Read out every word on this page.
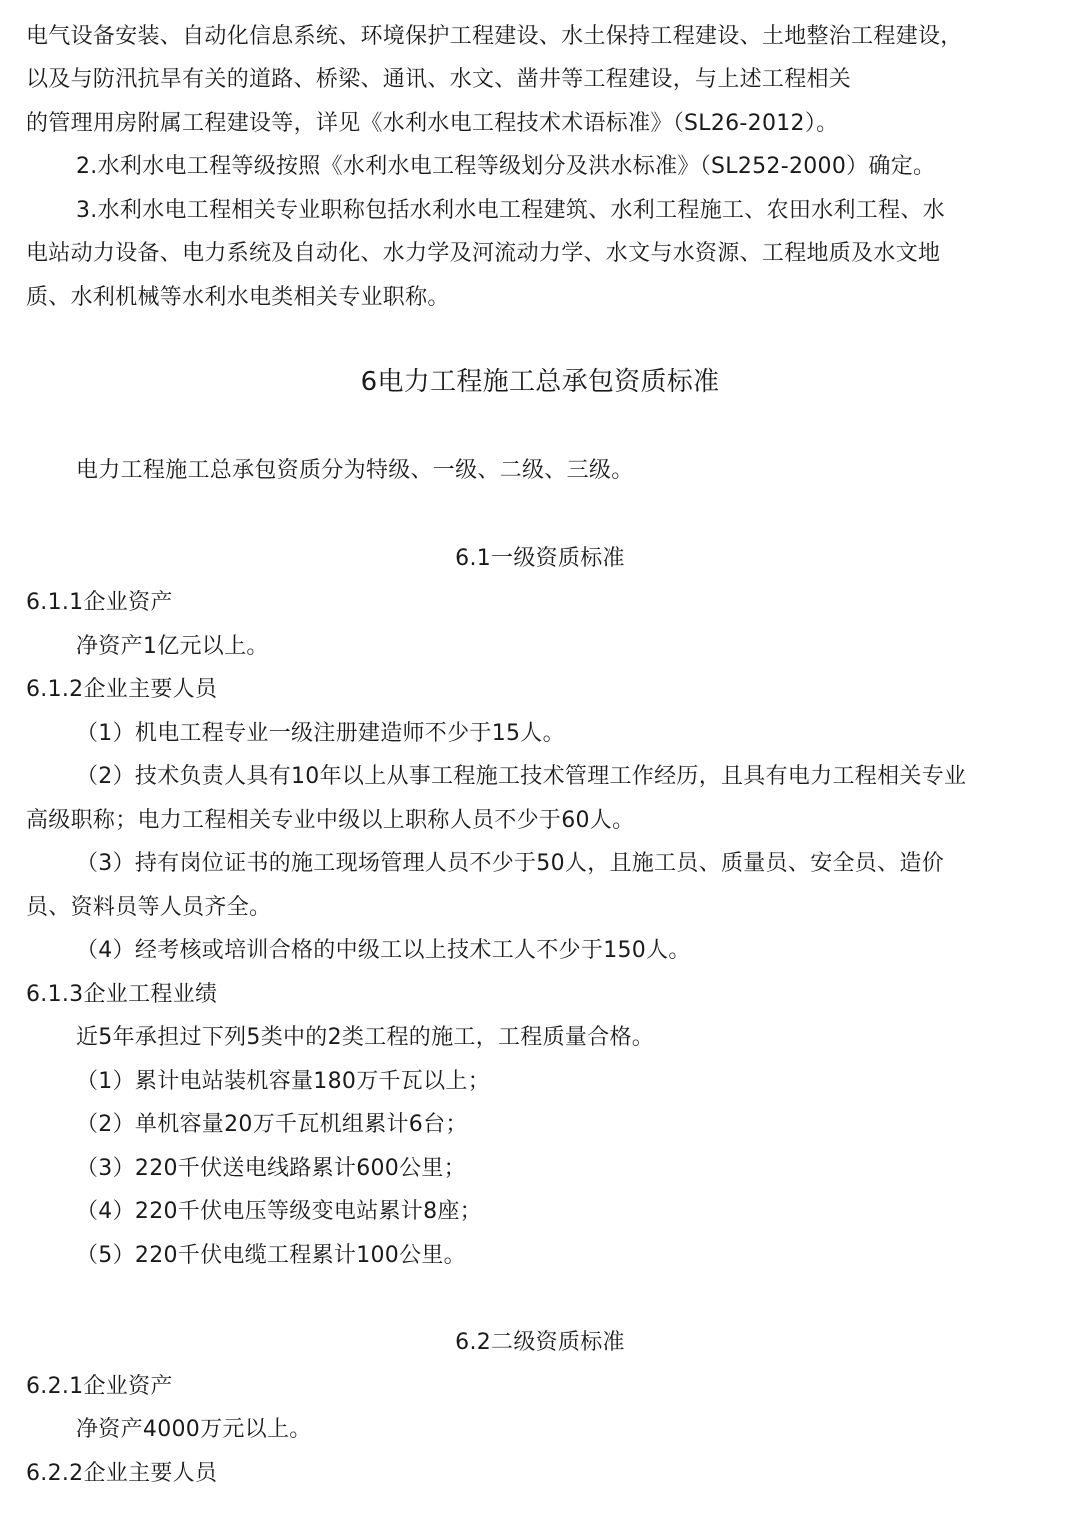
电气设备安装、自动化信息系统、环境保护工程建设、水土保持工程建设、土地整治工程建设，
以及与防汛抗旱有关的道路、桥梁、通讯、水文、凿井等工程建设，与上述工程相关
的管理用房附属工程建设等，详见《水利水电工程技术术语标准》（SL26-2012）。
2.水利水电工程等级按照《水利水电工程等级划分及洪水标准》（SL252-2000）确定。
3.水利水电工程相关专业职称包括水利水电工程建筑、水利工程施工、农田水利工程、水
电站动力设备、电力系统及自动化、水力学及河流动力学、水文与水资源、工程地质及水文地
质、水利机械等水利水电类相关专业职称。
6电力工程施工总承包资质标准
电力工程施工总承包资质分为特级、一级、二级、三级。
6.1一级资质标准
6.1.1企业资产
净资产1亿元以上。
6.1.2企业主要人员
（1）机电工程专业一级注册建造师不少于15人。
（2）技术负责人具有10年以上从事工程施工技术管理工作经历，且具有电力工程相关专业
高级职称；电力工程相关专业中级以上职称人员不少于60人。
（3）持有岗位证书的施工现场管理人员不少于50人，且施工员、质量员、安全员、造价
员、资料员等人员齐全。
（4）经考核或培训合格的中级工以上技术工人不少于150人。
6.1.3企业工程业绩
近5年承担过下列5类中的2类工程的施工，工程质量合格。
（1）累计电站装机容量180万千瓦以上；
（2）单机容量20万千瓦机组累计6台；
（3）220千伏送电线路累计600公里；
（4）220千伏电压等级变电站累计8座；
（5）220千伏电缆工程累计100公里。
6.2二级资质标准
6.2.1企业资产
净资产4000万元以上。
6.2.2企业主要人员
